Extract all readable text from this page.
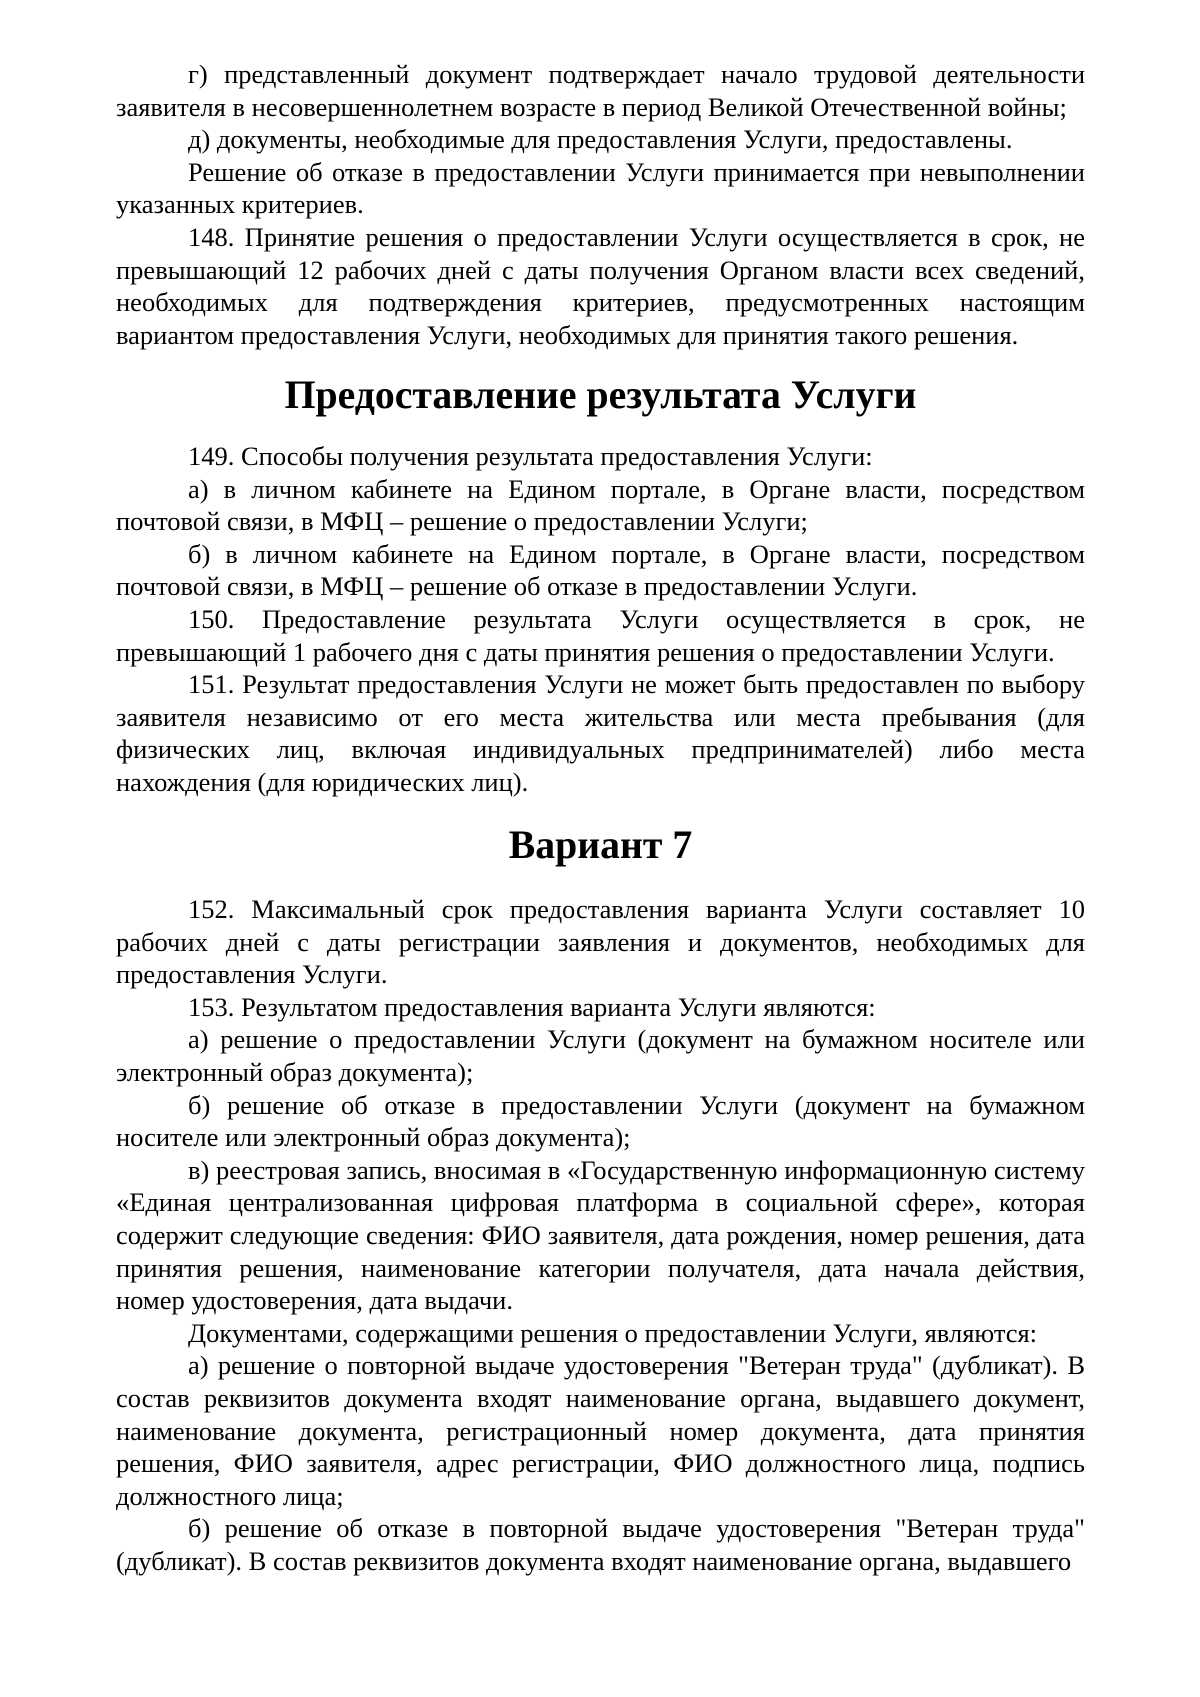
г) представленный документ подтверждает начало трудовой деятельности заявителя в несовершеннолетнем возрасте в период Великой Отечественной войны;

д) документы, необходимые для предоставления Услуги, предоставлены.

Решение об отказе в предоставлении Услуги принимается при невыполнении указанных критериев.

148. Принятие решения о предоставлении Услуги осуществляется в срок, не превышающий 12 рабочих дней с даты получения Органом власти всех сведений, необходимых для подтверждения критериев, предусмотренных настоящим вариантом предоставления Услуги, необходимых для принятия такого решения.

Предоставление результата Услуги

149. Способы получения результата предоставления Услуги:

а) в личном кабинете на Едином портале, в Органе власти, посредством почтовой связи, в МФЦ – решение о предоставлении Услуги;

б) в личном кабинете на Едином портале, в Органе власти, посредством почтовой связи, в МФЦ – решение об отказе в предоставлении Услуги.

150. Предоставление результата Услуги осуществляется в срок, не превышающий 1 рабочего дня с даты принятия решения о предоставлении Услуги.

151. Результат предоставления Услуги не может быть предоставлен по выбору заявителя независимо от его места жительства или места пребывания (для физических лиц, включая индивидуальных предпринимателей) либо места нахождения (для юридических лиц).

Вариант 7

152. Максимальный срок предоставления варианта Услуги составляет 10 рабочих дней с даты регистрации заявления и документов, необходимых для предоставления Услуги.

153. Результатом предоставления варианта Услуги являются:

а) решение о предоставлении Услуги (документ на бумажном носителе или электронный образ документа);

б) решение об отказе в предоставлении Услуги (документ на бумажном носителе или электронный образ документа);

в) реестровая запись, вносимая в «Государственную информационную систему «Единая централизованная цифровая платформа в социальной сфере», которая содержит следующие сведения: ФИО заявителя, дата рождения, номер решения, дата принятия решения, наименование категории получателя, дата начала действия, номер удостоверения, дата выдачи.

Документами, содержащими решения о предоставлении Услуги, являются:

а) решение о повторной выдаче удостоверения "Ветеран труда" (дубликат). В состав реквизитов документа входят наименование органа, выдавшего документ, наименование документа, регистрационный номер документа, дата принятия решения, ФИО заявителя, адрес регистрации, ФИО должностного лица, подпись должностного лица;

б) решение об отказе в повторной выдаче удостоверения "Ветеран труда" (дубликат). В состав реквизитов документа входят наименование органа, выдавшего
